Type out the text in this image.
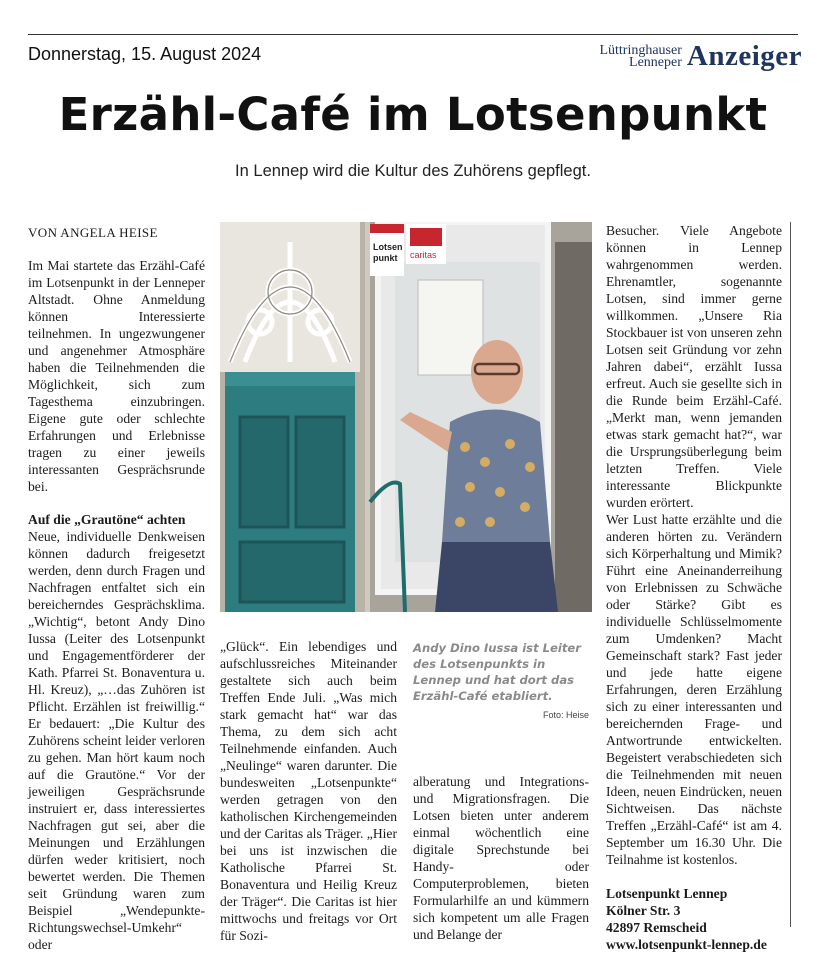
Donnerstag, 15. August 2024	Lüttringhauser
Lenneper Anzeiger
Erzähl-Café im Lotsenpunkt
In Lennep wird die Kultur des Zuhörens gepflegt.

VON ANGELA HEISE

Im Mai startete das Erzähl-Café im Lotsenpunkt in der Lenneper Altstadt. Ohne Anmeldung können Interessierte teilnehmen. In ungezwungener und angenehmer Atmosphäre haben die Teilnehmenden die Möglichkeit, sich zum Tagesthema einzubringen. Eigene gute oder schlechte Erfahrungen und Erlebnisse tragen zu einer jeweils interessanten Gesprächsrunde bei.

Auf die „Grautöne“ achten

Neue, individuelle Denkweisen können dadurch freigesetzt werden, denn durch Fragen und Nachfragen entfaltet sich ein bereicherndes Gesprächsklima. „Wichtig“, betont Andy Dino Iussa (Leiter des Lotsenpunkt und Engagementförderer der Kath. Pfarrei St. Bonaventura u. Hl. Kreuz), „…das Zuhören ist Pflicht. Erzählen ist freiwillig.“ Er bedauert: „Die Kultur des Zuhörens scheint leider verloren zu gehen. Man hört kaum noch auf die Grautöne.“ Vor der jeweiligen Gesprächsrunde instruiert er, dass interessiertes Nachfragen gut sei, aber die Meinungen und Erzählungen dürfen weder kritisiert, noch bewertet werden. Die Themen seit Gründung waren zum Beispiel „Wendepunkte-Richtungswechsel-Umkehr“ oder

Lotsen
punkt caritas

„Glück“. Ein lebendiges und aufschlussreiches Miteinander gestaltete sich auch beim Treffen Ende Juli. „Was mich stark gemacht hat“ war das Thema, zu dem sich acht Teilnehmende einfanden. Auch „Neulinge“ waren darunter. Die bundesweiten „Lotsenpunkte“ werden getragen von den katholischen Kirchengemeinden und der Caritas als Träger. „Hier bei uns ist inzwischen die Katholische Pfarrei St. Bonaventura und Heilig Kreuz der Träger“. Die Caritas ist hier mittwochs und freitags vor Ort für Sozi-

Andy Dino Iussa ist Leiter des Lotsenpunkts in Lennep und hat dort das Erzähl-Café etabliert.
Foto: Heise

alberatung und Integrations- und Migrationsfragen. Die Lotsen bieten unter anderem einmal wöchentlich eine digitale Sprechstunde bei Handy- oder Computerproblemen, bieten Formularhilfe an und kümmern sich kompetent um alle Fragen und Belange der

Besucher. Viele Angebote können in Lennep wahrgenommen werden. Ehrenamtler, sogenannte Lotsen, sind immer gerne willkommen. „Unsere Ria Stockbauer ist von unseren zehn Lotsen seit Gründung vor zehn Jahren dabei“, erzählt Iussa erfreut. Auch sie gesellte sich in die Runde beim Erzähl-Café. „Merkt man, wenn jemanden etwas stark gemacht hat?“, war die Ursprungsüberlegung beim letzten Treffen. Viele interessante Blickpunkte wurden erörtert.

Wer Lust hatte erzählte und die anderen hörten zu. Verändern sich Körperhaltung und Mimik? Führt eine Aneinanderreihung von Erlebnissen zu Schwäche oder Stärke? Gibt es individuelle Schlüsselmomente zum Umdenken? Macht Gemeinschaft stark? Fast jeder und jede hatte eigene Erfahrungen, deren Erzählung sich zu einer interessanten und bereichernden Frage- und Antwortrunde entwickelten. Begeistert verabschiedeten sich die Teilnehmenden mit neuen Ideen, neuen Eindrücken, neuen Sichtweisen. Das nächste Treffen „Erzähl-Café“ ist am 4. September um 16.30 Uhr. Die Teilnahme ist kostenlos.

Lotsenpunkt Lennep
Kölner Str. 3
42897 Remscheid
www.lotsenpunkt-lennep.de
